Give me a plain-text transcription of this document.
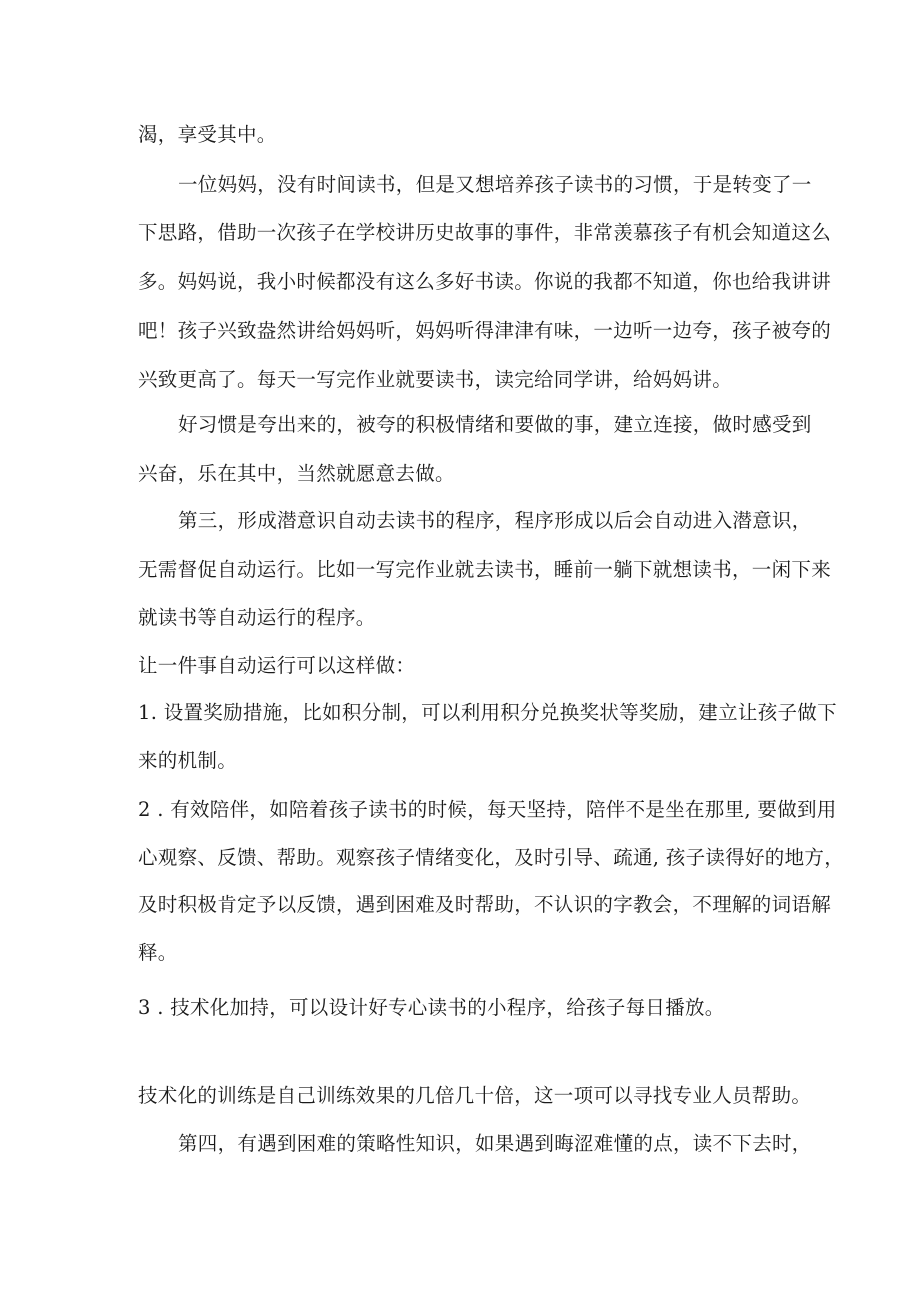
渴，享受其中。
一位妈妈，没有时间读书，但是又想培养孩子读书的习惯，于是转变了一
下思路，借助一次孩子在学校讲历史故事的事件，非常羡慕孩子有机会知道这么
多。妈妈说，我小时候都没有这么多好书读。你说的我都不知道，你也给我讲讲
吧！孩子兴致盎然讲给妈妈听，妈妈听得津津有味，一边听一边夸，孩子被夸的
兴致更高了。每天一写完作业就要读书，读完给同学讲，给妈妈讲。
好习惯是夸出来的，被夸的积极情绪和要做的事，建立连接，做时感受到
兴奋，乐在其中，当然就愿意去做。
第三，形成潜意识自动去读书的程序，程序形成以后会自动进入潜意识，
无需督促自动运行。比如一写完作业就去读书，睡前一躺下就想读书，一闲下来
就读书等自动运行的程序。
让一件事自动运行可以这样做：
1. 设置奖励措施，比如积分制，可以利用积分兑换奖状等奖励，建立让孩子做下
来的机制。
2 . 有效陪伴，如陪着孩子读书的时候，每天坚持，陪伴不是坐在那里, 要做到用
心观察、反馈、帮助。观察孩子情绪变化，及时引导、疏通, 孩子读得好的地方，
及时积极肯定予以反馈，遇到困难及时帮助，不认识的字教会，不理解的词语解
释。
3 . 技术化加持，可以设计好专心读书的小程序，给孩子每日播放。
技术化的训练是自己训练效果的几倍几十倍，这一项可以寻找专业人员帮助。
第四，有遇到困难的策略性知识，如果遇到晦涩难懂的点，读不下去时，
